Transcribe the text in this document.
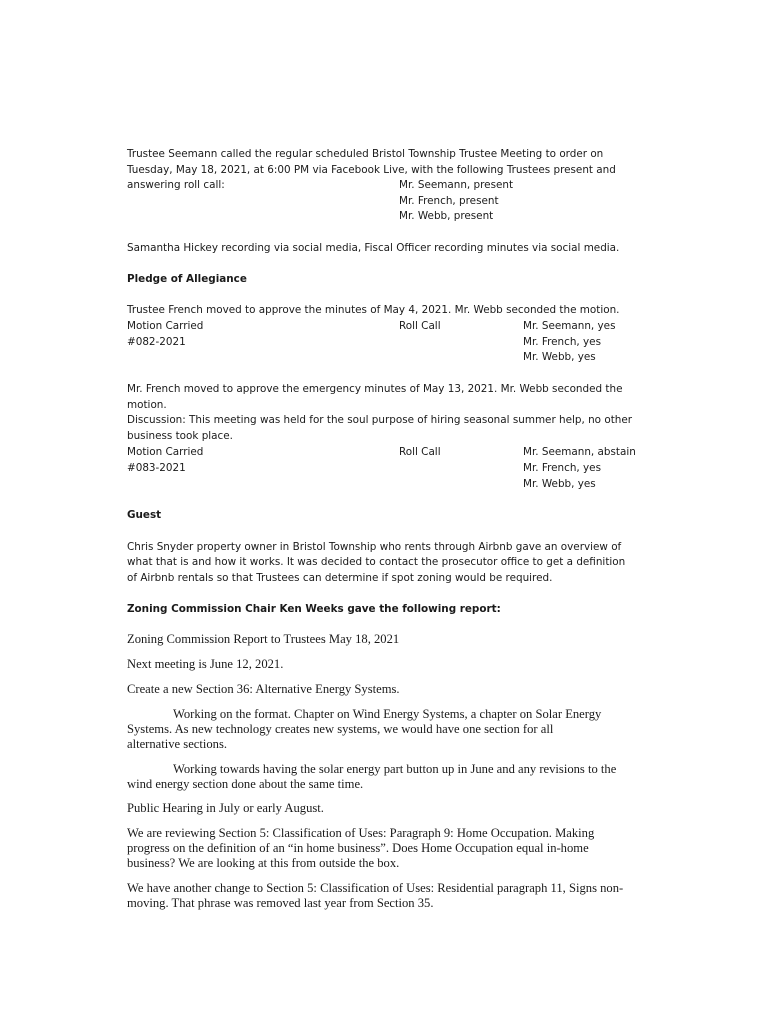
Trustee Seemann called the regular scheduled Bristol Township Trustee Meeting to order on
Tuesday, May 18, 2021, at 6:00 PM via Facebook Live, with the following Trustees present and
answering roll call:	Mr. Seemann, present
Mr. French, present
Mr. Webb, present
Samantha Hickey recording via social media, Fiscal Officer recording minutes via social media.
Pledge of Allegiance
Trustee French moved to approve the minutes of May 4, 2021. Mr. Webb seconded the motion.
Motion Carried	Roll Call	Mr. Seemann, yes
#082-2021	Mr. French, yes
Mr. Webb, yes
Mr. French moved to approve the emergency minutes of May 13, 2021. Mr. Webb seconded the
motion.
Discussion: This meeting was held for the soul purpose of hiring seasonal summer help, no other
business took place.
Motion Carried	Roll Call	Mr. Seemann, abstain
#083-2021	Mr. French, yes
Mr. Webb, yes
Guest
Chris Snyder property owner in Bristol Township who rents through Airbnb gave an overview of
what that is and how it works. It was decided to contact the prosecutor office to get a definition
of Airbnb rentals so that Trustees can determine if spot zoning would be required.
Zoning Commission Chair Ken Weeks gave the following report:
Zoning Commission Report to Trustees May 18, 2021
Next meeting is June 12, 2021.
Create a new Section 36: Alternative Energy Systems.
Working on the format. Chapter on Wind Energy Systems, a chapter on Solar Energy
Systems. As new technology creates new systems, we would have one section for all
alternative sections.
Working towards having the solar energy part button up in June and any revisions to the
wind energy section done about the same time.
Public Hearing in July or early August.
We are reviewing Section 5: Classification of Uses: Paragraph 9: Home Occupation. Making
progress on the definition of an “in home business”. Does Home Occupation equal in-home
business? We are looking at this from outside the box.
We have another change to Section 5: Classification of Uses: Residential paragraph 11, Signs non-
moving. That phrase was removed last year from Section 35.
